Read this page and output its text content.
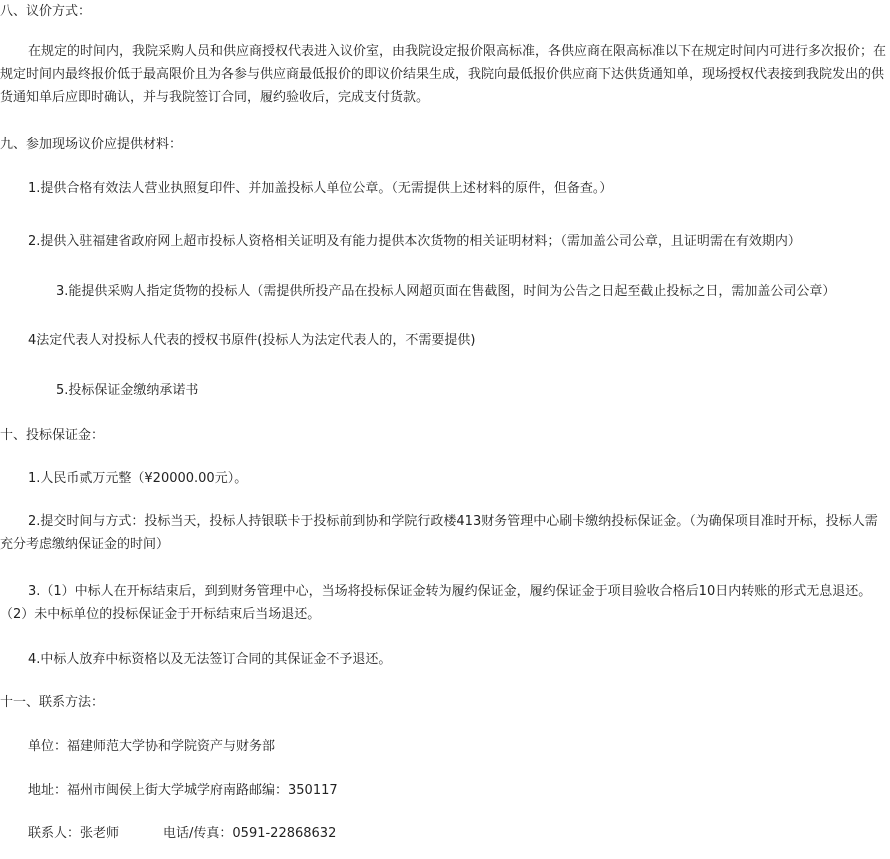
八、议价方式：
在规定的时间内，我院采购人员和供应商授权代表进入议价室，由我院设定报价限高标准，各供应商在限高标准以下在规定时间内可进行多次报价；在规定时间内最终报价低于最高限价且为各参与供应商最低报价的即议价结果生成，我院向最低报价供应商下达供货通知单，现场授权代表接到我院发出的供货通知单后应即时确认，并与我院签订合同，履约验收后，完成支付货款。
九、参加现场议价应提供材料：
1.提供合格有效法人营业执照复印件、并加盖投标人单位公章。（无需提供上述材料的原件，但备查。）
2.提供入驻福建省政府网上超市投标人资格相关证明及有能力提供本次货物的相关证明材料；（需加盖公司公章，且证明需在有效期内）
3.能提供采购人指定货物的投标人（需提供所投产品在投标人网超页面在售截图，时间为公告之日起至截止投标之日，需加盖公司公章）
4法定代表人对投标人代表的授权书原件(投标人为法定代表人的，不需要提供)
5.投标保证金缴纳承诺书
十、投标保证金：
1.人民币贰万元整（¥20000.00元）。
2.提交时间与方式：投标当天，投标人持银联卡于投标前到协和学院行政楼413财务管理中心刷卡缴纳投标保证金。（为确保项目准时开标，投标人需充分考虑缴纳保证金的时间）
3.（1）中标人在开标结束后，到到财务管理中心，当场将投标保证金转为履约保证金，履约保证金于项目验收合格后10日内转账的形式无息退还。（2）未中标单位的投标保证金于开标结束后当场退还。
4.中标人放弃中标资格以及无法签订合同的其保证金不予退还。
十一、联系方法：
单位：福建师范大学协和学院资产与财务部
地址：福州市闽侯上街大学城学府南路邮编：350117
联系人：张老师	电话/传真：0591-22868632
